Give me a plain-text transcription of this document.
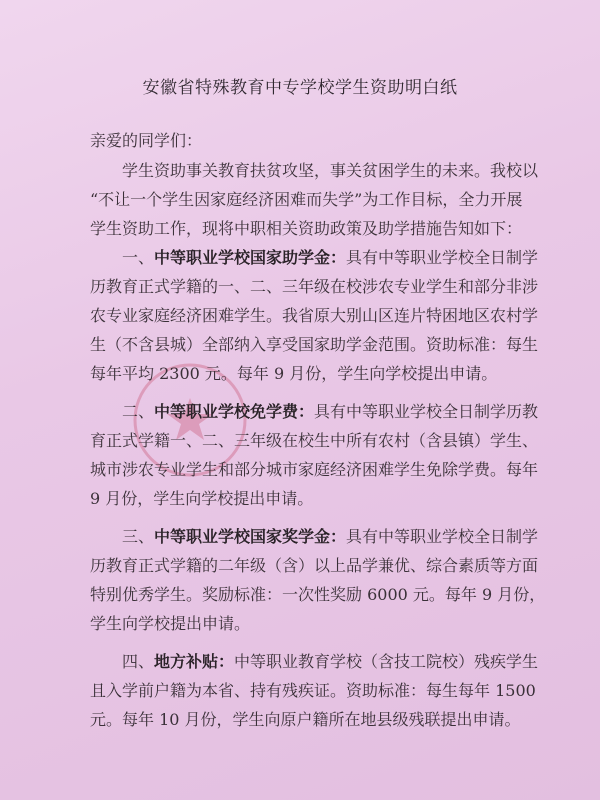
安徽省特殊教育中专学校学生资助明白纸
亲爱的同学们：
学生资助事关教育扶贫攻坚，事关贫困学生的未来。我校以
“不让一个学生因家庭经济困难而失学”为工作目标，全力开展
学生资助工作，现将中职相关资助政策及助学措施告知如下：
一、中等职业学校国家助学金：具有中等职业学校全日制学
历教育正式学籍的一、二、三年级在校涉农专业学生和部分非涉
农专业家庭经济困难学生。我省原大别山区连片特困地区农村学
生（不含县城）全部纳入享受国家助学金范围。资助标准：每生
每年平均 2300 元。每年 9 月份，学生向学校提出申请。
二、中等职业学校免学费：具有中等职业学校全日制学历教
育正式学籍一、二、三年级在校生中所有农村（含县镇）学生、
城市涉农专业学生和部分城市家庭经济困难学生免除学费。每年
9 月份，学生向学校提出申请。
三、中等职业学校国家奖学金：具有中等职业学校全日制学
历教育正式学籍的二年级（含）以上品学兼优、综合素质等方面
特别优秀学生。奖励标准：一次性奖励 6000 元。每年 9 月份，
学生向学校提出申请。
四、地方补贴：中等职业教育学校（含技工院校）残疾学生
且入学前户籍为本省、持有残疾证。资助标准：每生每年 1500
元。每年 10 月份，学生向原户籍所在地县级残联提出申请。
